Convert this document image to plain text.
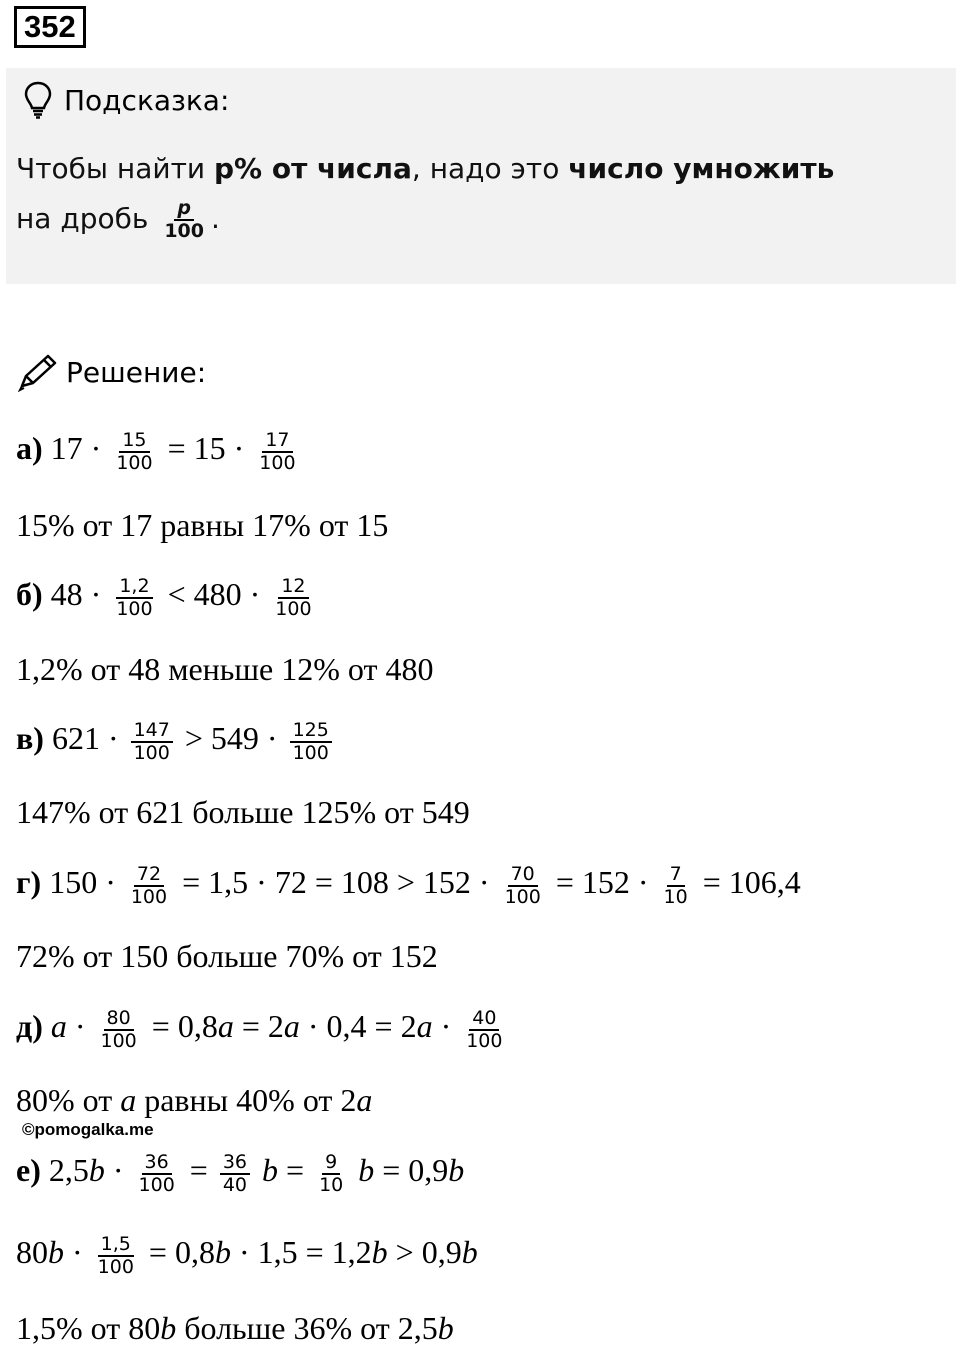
352
Подсказка:
Чтобы найти p% от числа, надо это число умножить
на дробь $\frac{p}{100}$ .
Решение:
а) $17 \cdot \frac{15}{100} = 15 \cdot \frac{17}{100}$
15% от 17 равны 17% от 15
б) $48 \cdot \frac{1,2}{100} < 480 \cdot \frac{12}{100}$
1,2% от 48 меньше 12% от 480
в) $621 \cdot \frac{147}{100} > 549 \cdot \frac{125}{100}$
147% от 621 больше 125% от 549
г) $150 \cdot \frac{72}{100} = 1,5 \cdot 72 = 108 > 152 \cdot \frac{70}{100} = 152 \cdot \frac{7}{10} = 106,4$
72% от 150 больше 70% от 152
д) $a \cdot \frac{80}{100} = 0,8a = 2a \cdot 0,4 = 2a \cdot \frac{40}{100}$
80% от a равны 40% от 2a
©pomogalka.me
е) $2,5b \cdot \frac{36}{100} = \frac{36}{40}$ $b = \frac{9}{10}$ b = 0,9b
$80b \cdot \frac{1,5}{100} = 0,8b \cdot 1,5 = 1,2b > 0,9b$
1,5% от 80b больше 36% от 2,5b
